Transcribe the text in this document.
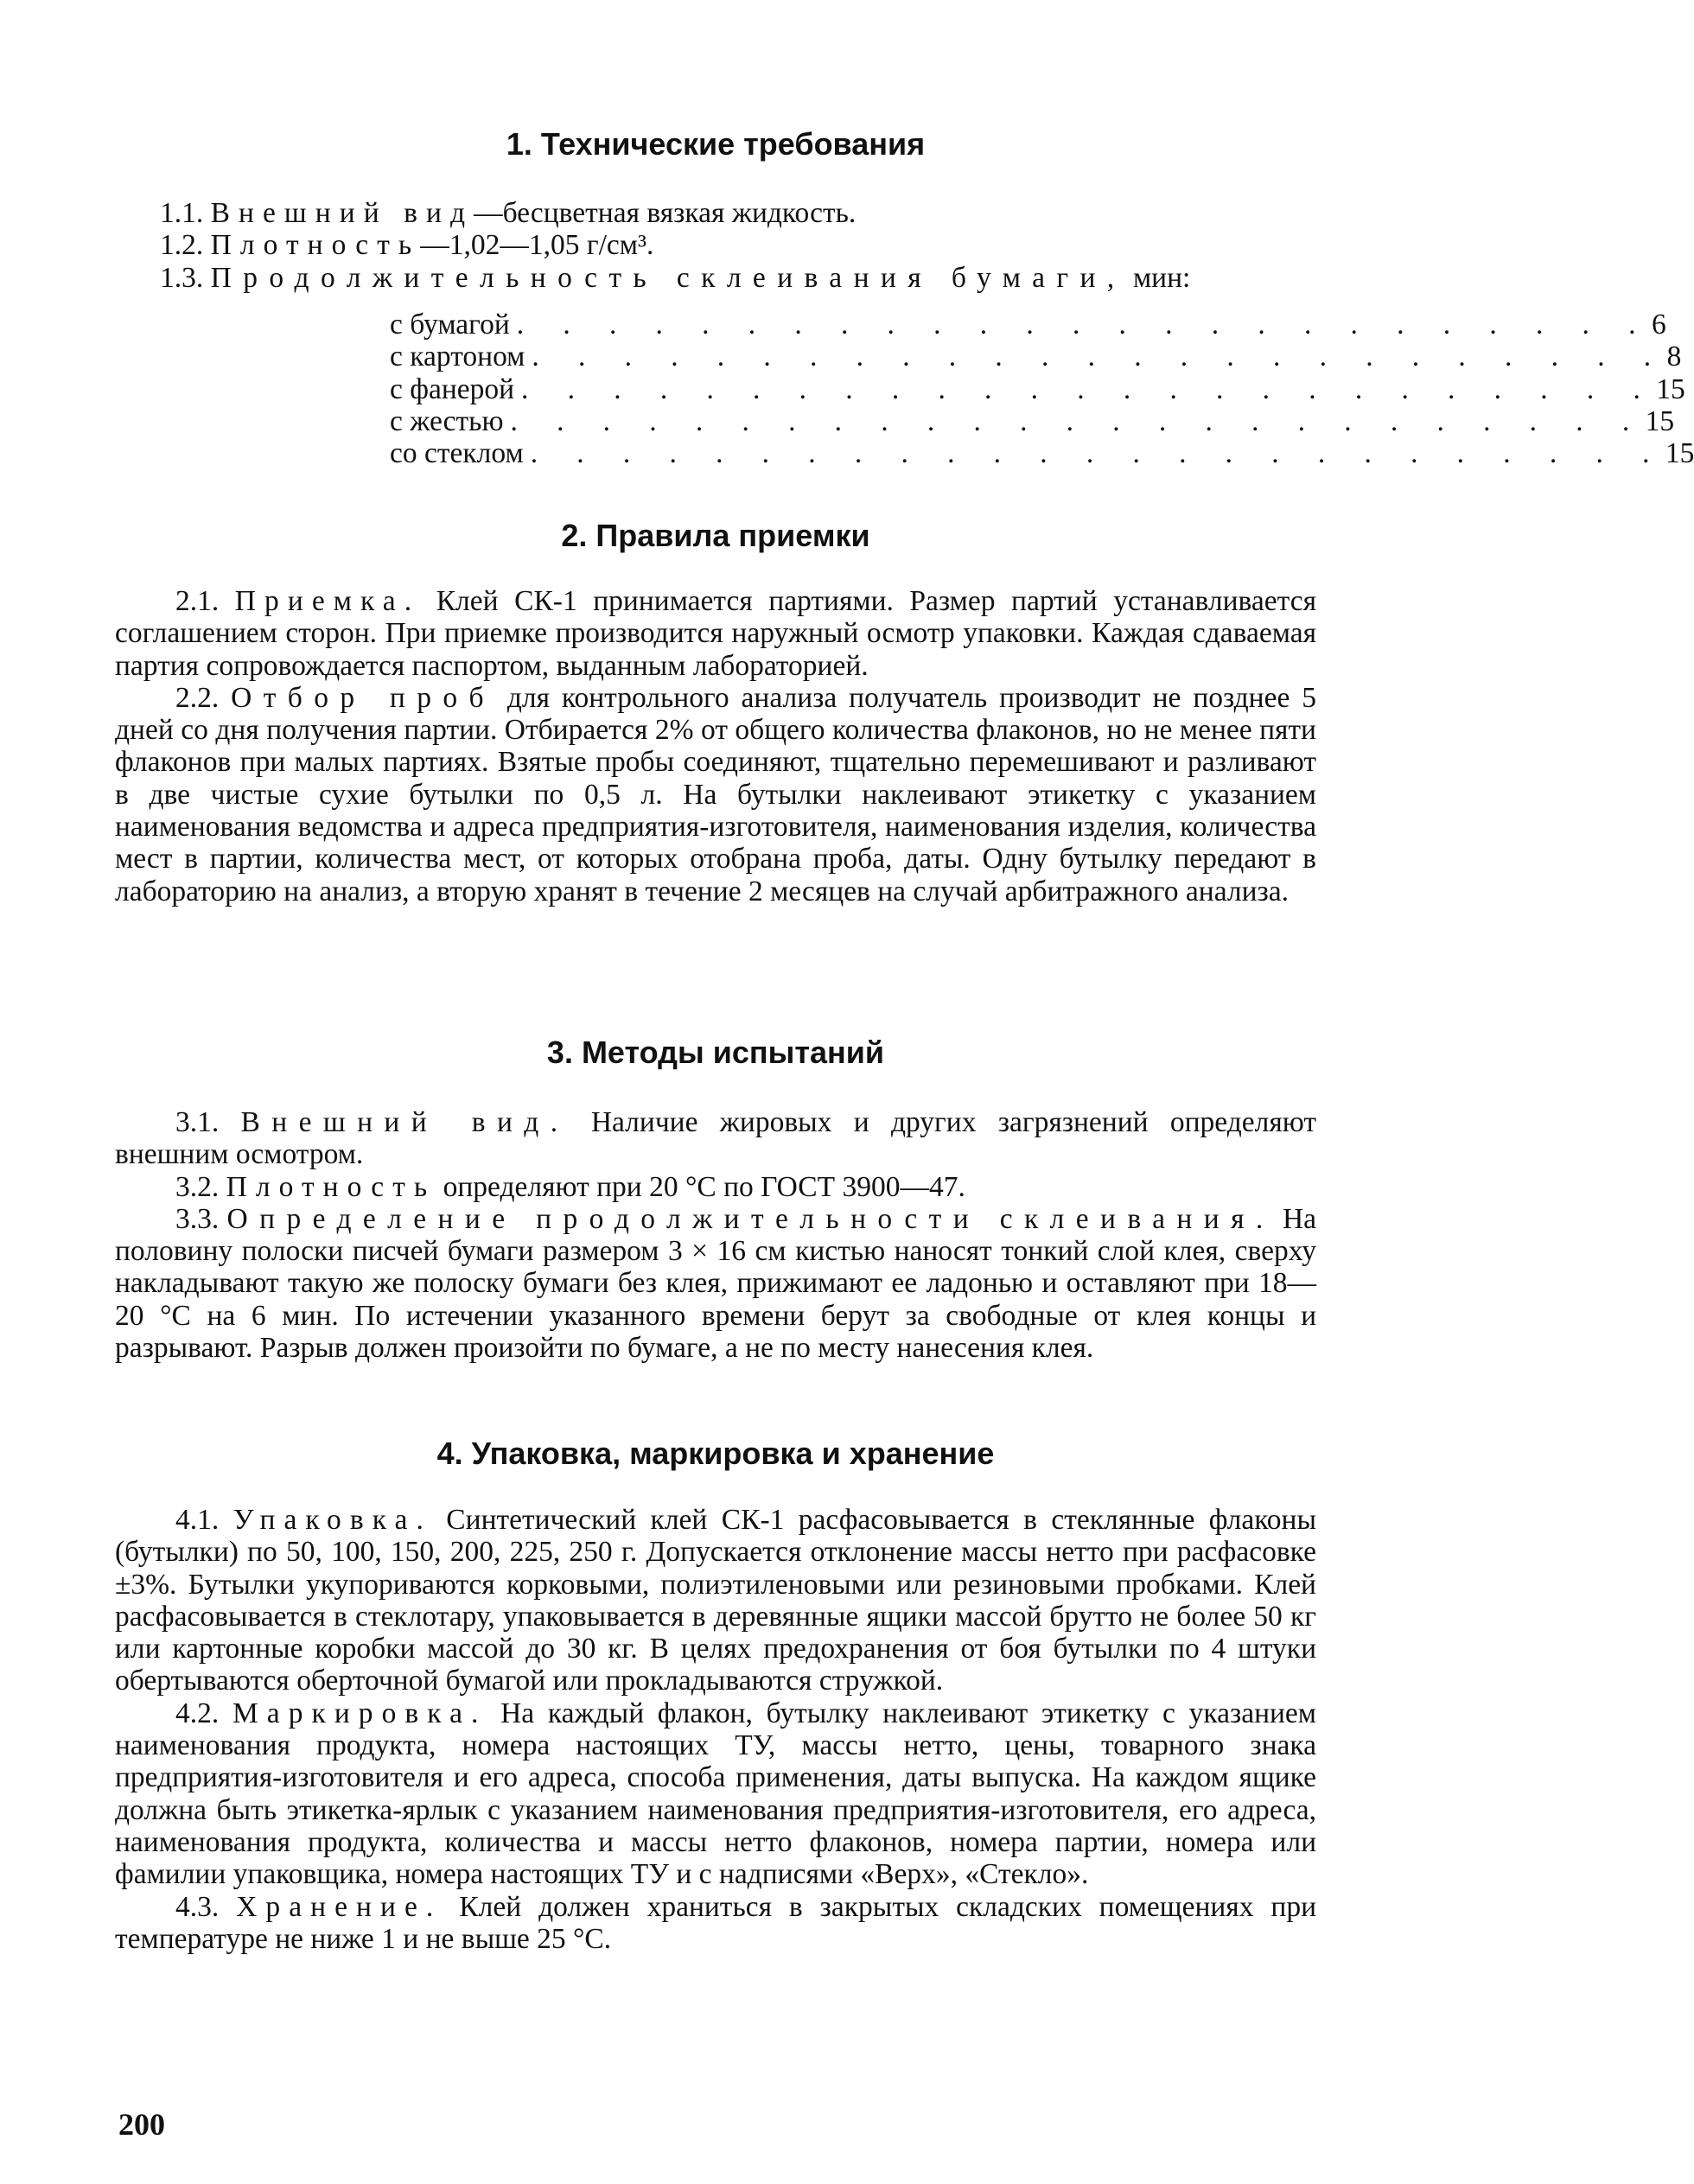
1. Технические требования

1.1. Внешний вид—бесцветная вязкая жидкость.

1.2. Плотность—1,02—1,05 г/см³.

1.3. Продолжительность склеивания бумаги, мин:

с бумагой . . . . . . . . . . . . . . . . . . . . . . . . . 6
с картоном . . . . . . . . . . . . . . . . . . . . . . . . . 8
с фанерой . . . . . . . . . . . . . . . . . . . . . . . . . 15
с жестью . . . . . . . . . . . . . . . . . . . . . . . . . 15
со стеклом . . . . . . . . . . . . . . . . . . . . . . . . . 15
2. Правила приемки

2.1. Приемка. Клей СК-1 принимается партиями. Размер партий устанавливается соглашением сторон. При приемке производится наружный осмотр упаковки. Каждая сдаваемая партия сопровождается паспортом, выданным лабораторией.

2.2. Отбор проб для контрольного анализа получатель производит не позднее 5 дней со дня получения партии. Отбирается 2% от общего количества флаконов, но не менее пяти флаконов при малых партиях. Взятые пробы соединяют, тщательно перемешивают и разливают в две чистые сухие бутылки по 0,5 л. На бутылки наклеивают этикетку с указанием наименования ведомства и адреса предприятия-изготовителя, наименования изделия, количества мест в партии, количества мест, от которых отобрана проба, даты. Одну бутылку передают в лабораторию на анализ, а вторую хранят в течение 2 месяцев на случай арбитражного анализа.

3. Методы испытаний

3.1. Внешний вид. Наличие жировых и других загрязнений определяют внешним осмотром.

3.2. Плотность определяют при 20 °С по ГОСТ 3900—47.

3.3. Определение продолжительности склеивания. На половину полоски писчей бумаги размером 3 × 16 см кистью наносят тонкий слой клея, сверху накладывают такую же полоску бумаги без клея, прижимают ее ладонью и оставляют при 18—20 °С на 6 мин. По истечении указанного времени берут за свободные от клея концы и разрывают. Разрыв должен произойти по бумаге, а не по месту нанесения клея.

4. Упаковка, маркировка и хранение

4.1. Упаковка. Синтетический клей СК-1 расфасовывается в стеклянные флаконы (бутылки) по 50, 100, 150, 200, 225, 250 г. Допускается отклонение массы нетто при расфасовке ±3%. Бутылки укупориваются корковыми, полиэтиленовыми или резиновыми пробками. Клей расфасовывается в стеклотару, упаковывается в деревянные ящики массой брутто не более 50 кг или картонные коробки массой до 30 кг. В целях предохранения от боя бутылки по 4 штуки обертываются оберточной бумагой или прокладываются стружкой.

4.2. Маркировка. На каждый флакон, бутылку наклеивают этикетку с указанием наименования продукта, номера настоящих ТУ, массы нетто, цены, товарного знака предприятия-изготовителя и его адреса, способа применения, даты выпуска. На каждом ящике должна быть этикетка-ярлык с указанием наименования предприятия-изготовителя, его адреса, наименования продукта, количества и массы нетто флаконов, номера партии, номера или фамилии упаковщика, номера настоящих ТУ и с надписями «Верх», «Стекло».

4.3. Хранение. Клей должен храниться в закрытых складских помещениях при температуре не ниже 1 и не выше 25 °С.

200
